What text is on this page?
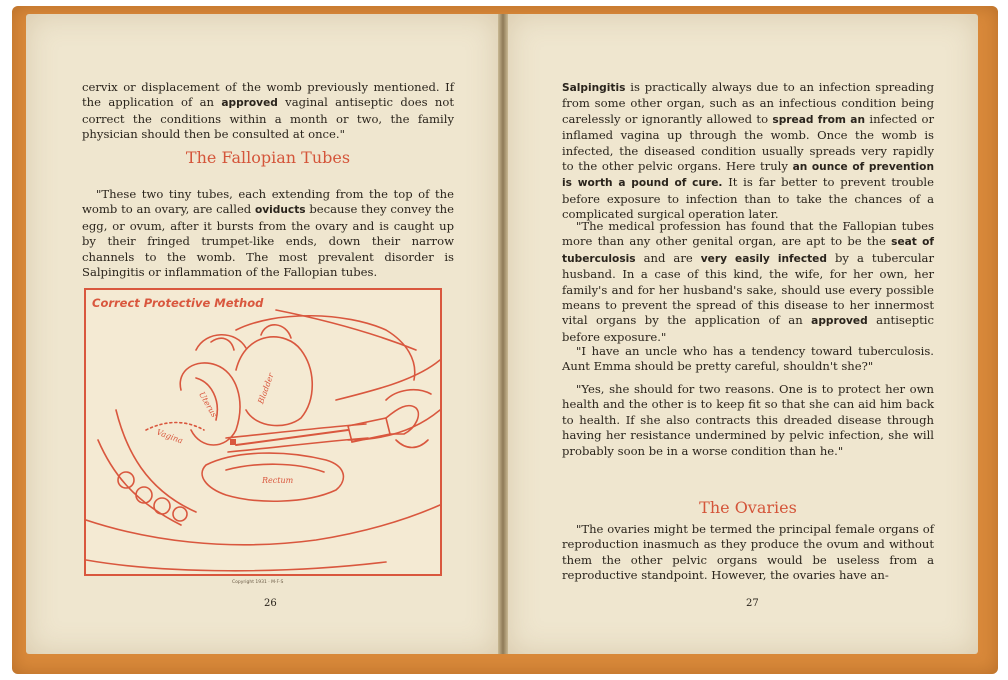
cervix or displacement of the womb previously mentioned. If the application of an approved vaginal antiseptic does not correct the conditions within a month or two, the family physician should then be consulted at once."

The Fallopian Tubes

"These two tiny tubes, each extending from the top of the womb to an ovary, are called oviducts because they convey the egg, or ovum, after it bursts from the ovary and is caught up by their fringed trumpet-like ends, down their narrow channels to the womb. The most prevalent disorder is Salpingitis or inflammation of the Fallopian tubes.

Correct Protective Method
Uterus	Bladder
Rectum
Vagina
Copyright 1931 · M·F·S
26

Salpingitis is practically always due to an infection spreading from some other organ, such as an infectious condition being carelessly or ignorantly allowed to spread from an infected or inflamed vagina up through the womb. Once the womb is infected, the diseased condition usually spreads very rapidly to the other pelvic organs. Here truly an ounce of prevention is worth a pound of cure. It is far better to prevent trouble before exposure to infection than to take the chances of a complicated surgical operation later.

"The medical profession has found that the Fallopian tubes more than any other genital organ, are apt to be the seat of tuberculosis and are very easily infected by a tubercular husband. In a case of this kind, the wife, for her own, her family's and for her husband's sake, should use every possible means to prevent the spread of this disease to her innermost vital organs by the application of an approved antiseptic before exposure."

"I have an uncle who has a tendency toward tuberculosis. Aunt Emma should be pretty careful, shouldn't she?"

"Yes, she should for two reasons. One is to protect her own health and the other is to keep fit so that she can aid him back to health. If she also contracts this dreaded disease through having her resistance undermined by pelvic infection, she will probably soon be in a worse condition than he."

The Ovaries

"The ovaries might be termed the principal female organs of reproduction inasmuch as they produce the ovum and without them the other pelvic organs would be useless from a reproductive standpoint. However, the ovaries have an-

27
